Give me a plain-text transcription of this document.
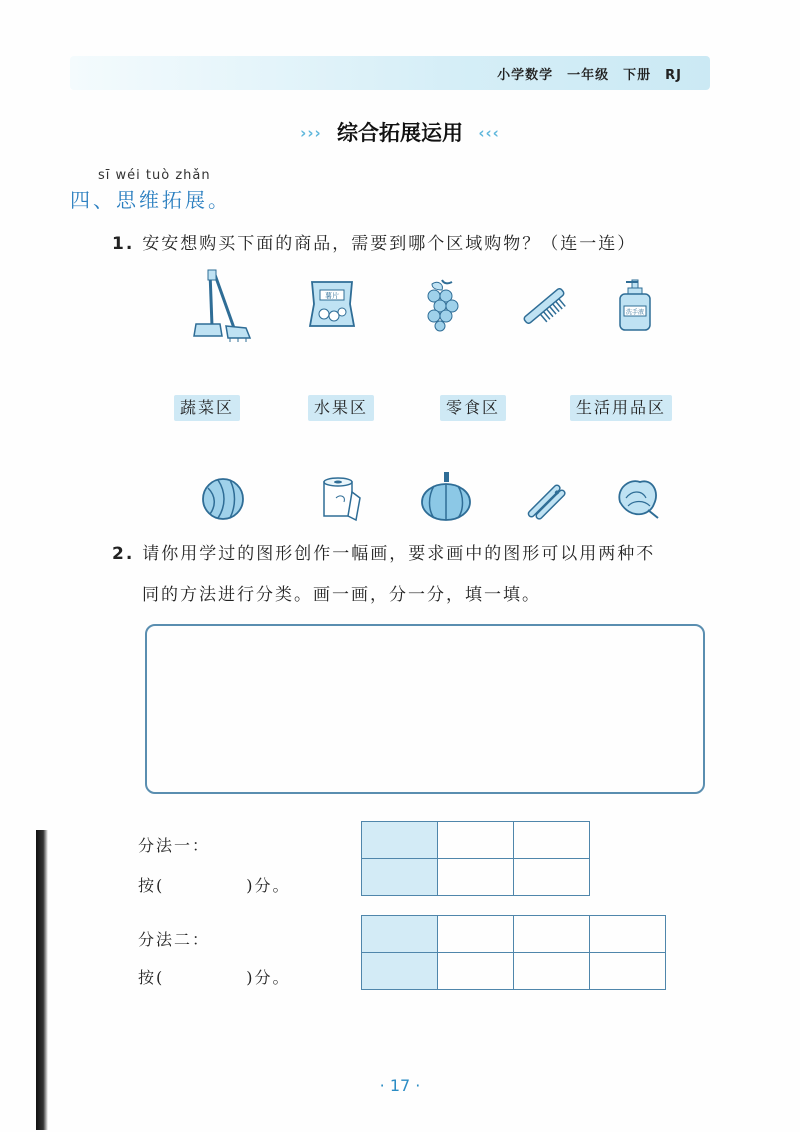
小学数学　一年级　下册　RJ
››› 综合拓展运用 ‹‹‹
sī wéi tuò zhǎn
四、思维拓展。
1. 安安想购买下面的商品，需要到哪个区域购物？（连一连）
薯片
洗手液
蔬菜区	水果区	零食区	生活用品区
2. 请你用学过的图形创作一幅画，要求画中的图形可以用两种不
同的方法进行分类。画一画，分一分，填一填。
分法一：
按(	)分。

分法二：
按(	)分。

· 17 ·
